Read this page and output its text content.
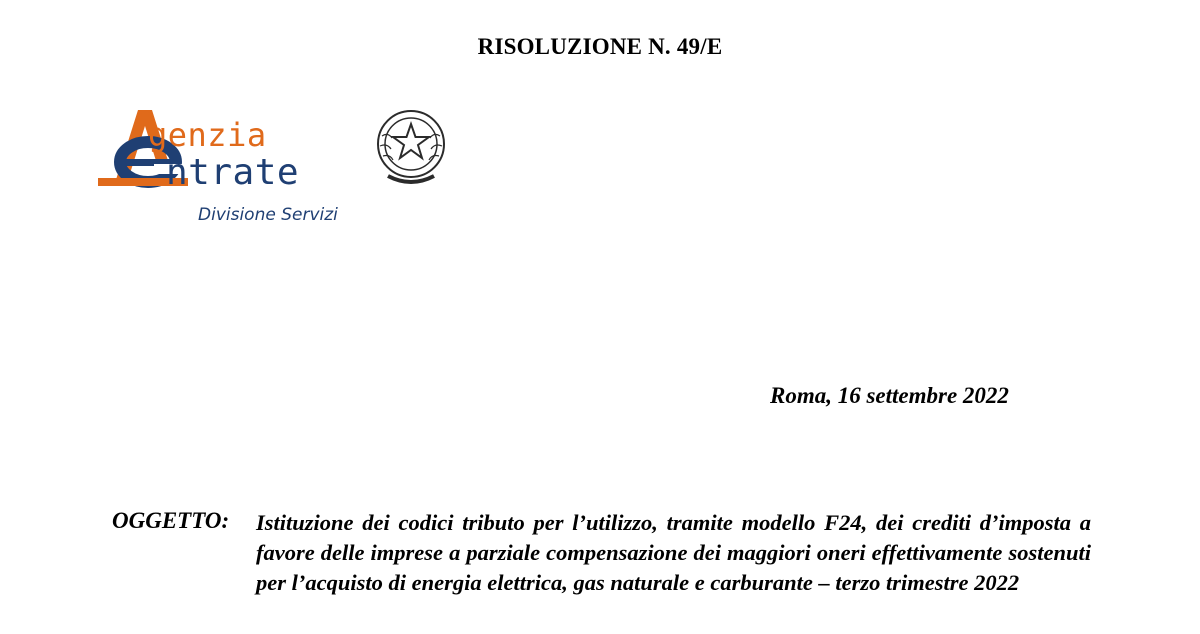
RISOLUZIONE N. 49/E
genzia
ntrate
Divisione Servizi
Roma, 16 settembre 2022
OGGETTO: Istituzione dei codici tributo per l’utilizzo, tramite modello F24, dei crediti d’imposta a favore delle imprese a parziale compensazione dei maggiori oneri effettivamente sostenuti per l’acquisto di energia elettrica, gas naturale e carburante – terzo trimestre 2022
